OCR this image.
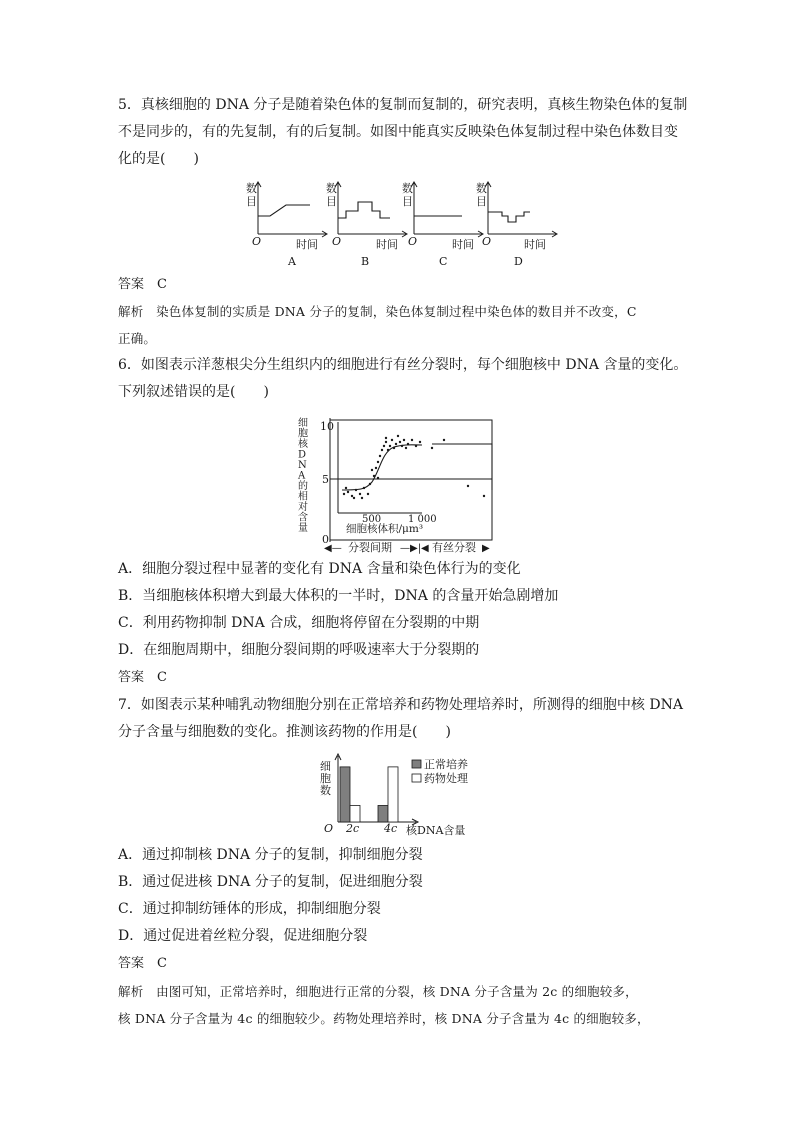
5．真核细胞的 DNA 分子是随着染色体的复制而复制的，研究表明，真核生物染色体的复制
不是同步的，有的先复制，有的后复制。如图中能真实反映染色体复制过程中染色体数目变
化的是(　　)
数
目
O	时间
A
数
目
O	时间
B
数
目
O	时间
C
数
目
O	时间
D
答案　C
解析　染色体复制的实质是 DNA 分子的复制，染色体复制过程中染色体的数目并不改变，C
正确。
6．如图表示洋葱根尖分生组织内的细胞进行有丝分裂时，每个细胞核中 DNA 含量的变化。
下列叙述错误的是(　　)
细
胞
核
D
N
A
的
相
对
含
量
10
5
0
500	1 000
细胞核体积/μm³
◀— 分裂间期 —▶|◀ 有丝分裂 ▶
A．细胞分裂过程中显著的变化有 DNA 含量和染色体行为的变化
B．当细胞核体积增大到最大体积的一半时，DNA 的含量开始急剧增加
C．利用药物抑制 DNA 合成，细胞将停留在分裂期的中期
D．在细胞周期中，细胞分裂间期的呼吸速率大于分裂期的
答案　C
7．如图表示某种哺乳动物细胞分别在正常培养和药物处理培养时，所测得的细胞中核 DNA
分子含量与细胞数的变化。推测该药物的作用是(　　)
细
胞
数
O 2c 4c 核DNA含量
正常培养
药物处理
A．通过抑制核 DNA 分子的复制，抑制细胞分裂
B．通过促进核 DNA 分子的复制，促进细胞分裂
C．通过抑制纺锤体的形成，抑制细胞分裂
D．通过促进着丝粒分裂，促进细胞分裂
答案　C
解析　由图可知，正常培养时，细胞进行正常的分裂，核 DNA 分子含量为 2c 的细胞较多，
核 DNA 分子含量为 4c 的细胞较少。药物处理培养时，核 DNA 分子含量为 4c 的细胞较多，
